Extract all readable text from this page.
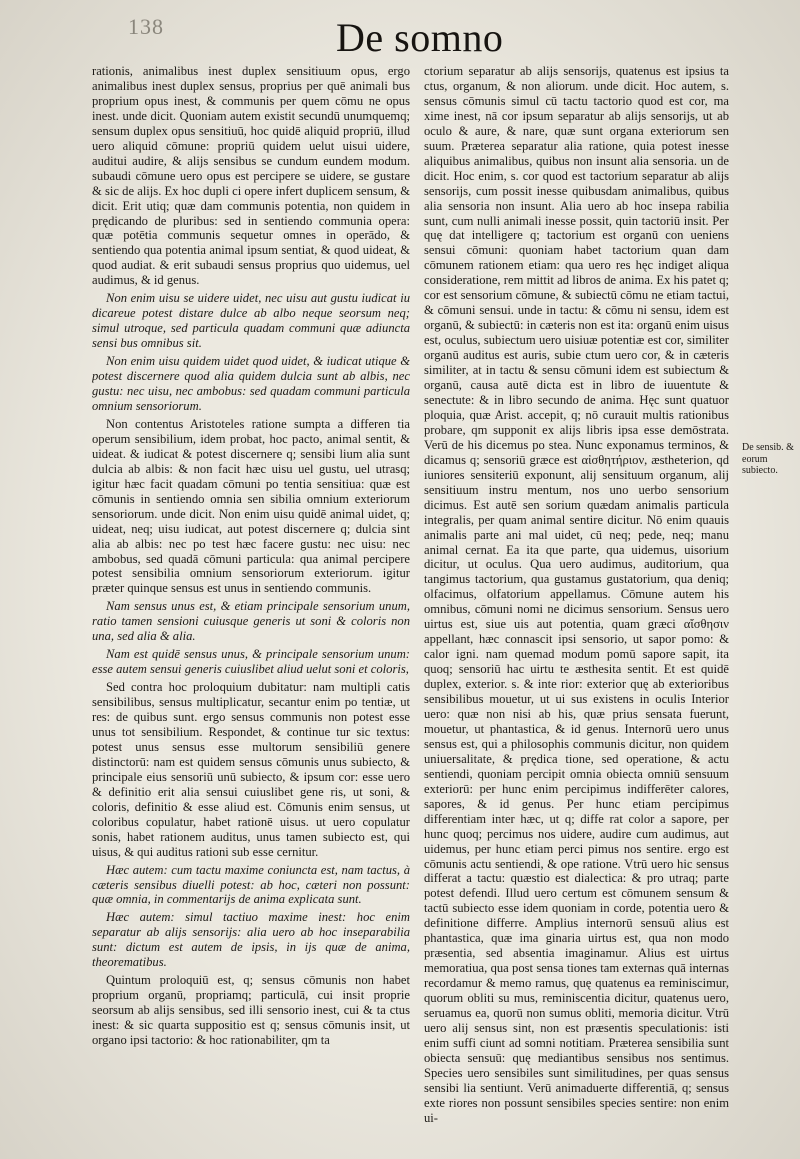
138	De somno

rationis, animalibus inest duplex sensitiuum opus, ergo animalibus inest duplex sensus, proprius per quē animali bus proprium opus inest, & communis per quem cōmu ne opus inest. unde dicit. Quoniam autem existit secundū unumquemq; sensum duplex opus sensitiuū, hoc quidē aliquid propriū, illud uero aliquid cōmune: propriū quidem uelut uisui uidere, auditui audire, & alijs sensibus se cundum eundem modum. subaudi cōmune uero opus est percipere se uidere, se gustare & sic de alijs. Ex hoc dupli ci opere infert duplicem sensum, & dicit. Erit utiq; quæ dam communis potentia, non quidem in prędicando de pluribus: sed in sentiendo communia opera: quæ potētia communis sequetur omnes in operādo, & sentiendo qua potentia animal ipsum sentiat, & quod uideat, & quod audiat. & erit subaudi sensus proprius quo uidemus, uel audimus, & id genus.

Non enim uisu se uidere uidet, nec uisu aut gustu iudicat iu dicareue potest distare dulce ab albo neque seorsum neq; simul utroque, sed particula quadam communi quæ adiuncta sensi bus omnibus sit.

Non enim uisu quidem uidet quod uidet, & iudicat utique & potest discernere quod alia quidem dulcia sunt ab albis, nec gustu: nec uisu, nec ambobus: sed quadam communi particula omnium sensoriorum.

Non contentus Aristoteles ratione sumpta a differen tia operum sensibilium, idem probat, hoc pacto, animal sentit, & uideat. & iudicat & potest discernere q; sensibi lium alia sunt dulcia ab albis: & non facit hæc uisu uel gustu, uel utrasq; igitur hæc facit quadam cōmuni po tentia sensitiua: quæ est cōmunis in sentiendo omnia sen sibilia omnium exteriorum sensoriorum. unde dicit. Non enim uisu quidē animal uidet, q; uideat, neq; uisu iudicat, aut potest discernere q; dulcia sint alia ab albis: nec po test hæc facere gustu: nec uisu: nec ambobus, sed quadā cōmuni particula: qua animal percipere potest sensibilia omnium sensoriorum exteriorum. igitur præter quinque sensus est unus in sentiendo communis.

Nam sensus unus est, & etiam principale sensorium unum, ratio tamen sensioni cuiusque generis ut soni & coloris non una, sed alia & alia.

Nam est quidē sensus unus, & principale sensorium unum: esse autem sensui generis cuiuslibet aliud uelut soni et coloris,

Sed contra hoc proloquium dubitatur: nam multipli catis sensibilibus, sensus multiplicatur, secantur enim po tentiæ, ut res: de quibus sunt. ergo sensus communis non potest esse unus tot sensibilium. Respondet, & continue tur sic textus: potest unus sensus esse multorum sensibiliū genere distinctorū: nam est quidem sensus cōmunis unus subiecto, & principale eius sensoriū unū subiecto, & ipsum cor: esse uero & definitio erit alia sensui cuiuslibet gene ris, ut soni, & coloris, definitio & esse aliud est. Cōmunis enim sensus, ut coloribus copulatur, habet rationē uisus. ut uero copulatur sonis, habet rationem auditus, unus tamen subiecto est, qui uisus, & qui auditus rationi sub esse cernitur.

Hæc autem: cum tactu maxime coniuncta est, nam tactus, à cæteris sensibus diuelli potest: ab hoc, cæteri non possunt: quæ omnia, in commentarijs de anima explicata sunt.

Hæc autem: simul tactiuo maxime inest: hoc enim separatur ab alijs sensorijs: alia uero ab hoc inseparabilia sunt: dictum est autem de ipsis, in ijs quæ de anima, theorematibus.

Quintum proloquiū est, q; sensus cōmunis non habet proprium organū, propriamq; particulā, cui insit proprie seorsum ab alijs sensibus, sed illi sensorio inest, cui & ta ctus inest: & sic quarta suppositio est q; sensus cōmunis insit, ut organo ipsi tactorio: & hoc rationabiliter, qm ta

ctorium separatur ab alijs sensorijs, quatenus est ipsius ta ctus, organum, & non aliorum. unde dicit. Hoc autem, s. sensus cōmunis simul cū tactu tactorio quod est cor, ma xime inest, nā cor ipsum separatur ab alijs sensorijs, ut ab oculo & aure, & nare, quæ sunt organa exteriorum sen suum. Præterea separatur alia ratione, quia potest inesse aliquibus animalibus, quibus non insunt alia sensoria. un de dicit. Hoc enim, s. cor quod est tactorium separatur ab alijs sensorijs, cum possit inesse quibusdam animalibus, quibus alia sensoria non insunt. Alia uero ab hoc insepa rabilia sunt, cum nulli animali inesse possit, quin tactoriū insit. Per quę dat intelligere q; tactorium est organū con ueniens sensui cōmuni: quoniam habet tactorium quan dam cōmunem rationem etiam: qua uero res hęc indiget aliqua consideratione, rem mittit ad libros de anima. Ex his patet q; cor est sensorium cōmune, & subiectū cōmu ne etiam tactui, & cōmuni sensui. unde in tactu: & cōmu ni sensu, idem est organū, & subiectū: in cæteris non est ita: organū enim uisus est, oculus, subiectum uero uisiuæ potentiæ est cor, similiter organū auditus est auris, subie ctum uero cor, & in cæteris similiter, at in tactu & sensu cōmuni idem est subiectum & organū, causa autē dicta est in libro de iuuentute & senectute: & in libro secundo de anima. Hęc sunt quatuor ploquia, quæ Arist. accepit, q; nō curauit multis rationibus probare, qm supponit ex alijs libris ipsa esse demōstrata. Verū de his dicemus po stea. Nunc exponamus terminos, & dicamus q; sensoriū græce est αἰσθητήριον, æstheterion, qd iuniores sensiteriū exponunt, alij sensituum organum, alij sensitiuum instru mentum, nos uno uerbo sensorium dicimus. Est autē sen sorium quædam animalis particula integralis, per quam animal sentire dicitur. Nō enim quauis animalis parte ani mal uidet, cū neq; pede, neq; manu animal cernat. Ea ita que parte, qua uidemus, uisorium dicitur, ut oculus. Qua uero audimus, auditorium, qua tangimus tactorium, qua gustamus gustatorium, qua deniq; olfacimus, olfatorium appellamus. Cōmune autem his omnibus, cōmuni nomi ne dicimus sensorium. Sensus uero uirtus est, siue uis aut potentia, quam græci αἴσθησιν appellant, hæc connascit ipsi sensorio, ut sapor pomo: & calor igni. nam quemad modum pomū sapore sapit, ita quoq; sensoriū hac uirtu te æsthesita sentit. Et est quidē duplex, exterior. s. & inte rior: exterior quę ab exterioribus sensibilibus mouetur, ut ui sus existens in oculis Interior uero: quæ non nisi ab his, quæ prius sensata fuerunt, mouetur, ut phantastica, & id genus. Internorū uero unus sensus est, qui a philosophis communis dicitur, non quidem uniuersalitate, & prędica tione, sed operatione, & actu sentiendi, quoniam percipit omnia obiecta omniū sensuum exteriorū: per hunc enim percipimus indifferēter calores, sapores, & id genus. Per hunc etiam percipimus differentiam inter hæc, ut q; diffe rat color a sapore, per hunc quoq; percimus nos uidere, audire cum audimus, aut uidemus, per hunc etiam perci pimus nos sentire. ergo est cōmunis actu sentiendi, & ope ratione. Vtrū uero hic sensus differat a tactu: quæstio est dialectica: & pro utraq; parte potest defendi. Illud uero certum est cōmunem sensum & tactū subiecto esse idem quoniam in corde, potentia uero & definitione differre. Amplius internorū sensuū alius est phantastica, quæ ima ginaria uirtus est, qua non modo præsentia, sed absentia imaginamur. Alius est uirtus memoratiua, qua post sensa tiones tam externas quā internas recordamur & memo ramus, quę quatenus ea reminiscimur, quorum obliti su mus, reminiscentia dicitur, quatenus uero, seruamus ea, quorū non sumus obliti, memoria dicitur. Vtrū uero alij sensus sint, non est præsentis speculationis: isti enim suffi ciunt ad somni notitiam. Præterea sensibilia sunt obiecta sensuū: quę mediantibus sensibus nos sentimus. Species uero sensibiles sunt similitudines, per quas sensus sensibi lia sentiunt. Verū animaduerte differentiā, q; sensus exte riores non possunt sensibiles species sentire: non enim ui-

De sensib. & eorum subiecto.
